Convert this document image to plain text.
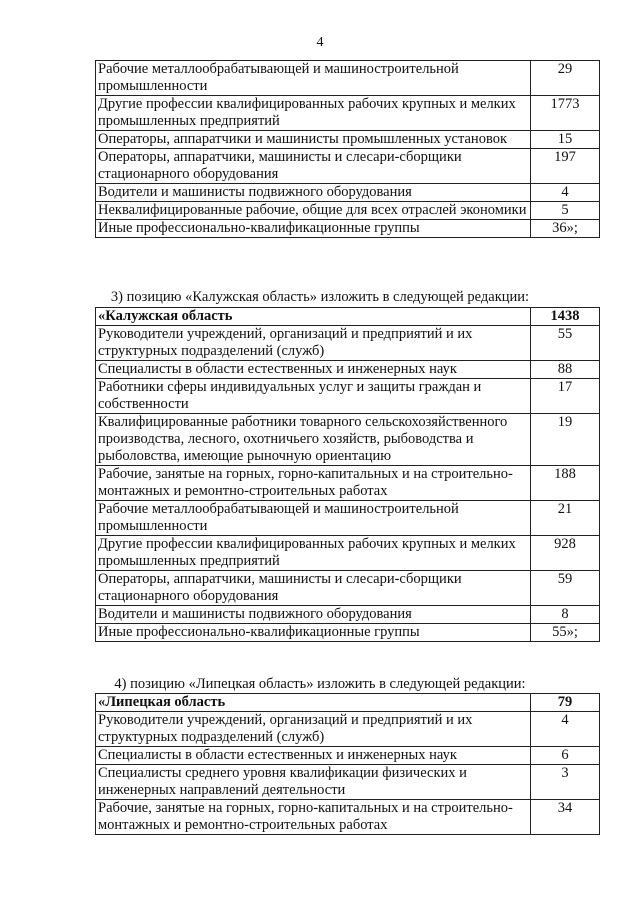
4
Рабочие металлообрабатывающей и машиностроительной промышленности	29
Другие профессии квалифицированных рабочих крупных и мелких промышленных предприятий	1773
Операторы, аппаратчики и машинисты промышленных установок	15
Операторы, аппаратчики, машинисты и слесари-сборщики стационарного оборудования	197
Водители и машинисты подвижного оборудования	4
Неквалифицированные рабочие, общие для всех отраслей экономики	5
Иные профессионально-квалификационные группы	36»;
3) позицию «Калужская область» изложить в следующей редакции:
«Калужская область	1438
Руководители учреждений, организаций и предприятий и их структурных подразделений (служб)	55
Специалисты в области естественных и инженерных наук	88
Работники сферы индивидуальных услуг и защиты граждан и собственности	17
Квалифицированные работники товарного сельскохозяйственного производства, лесного, охотничьего хозяйств, рыбоводства и рыболовства, имеющие рыночную ориентацию	19
Рабочие, занятые на горных, горно-капитальных и на строительно-монтажных и ремонтно-строительных работах	188
Рабочие металлообрабатывающей и машиностроительной промышленности	21
Другие профессии квалифицированных рабочих крупных и мелких промышленных предприятий	928
Операторы, аппаратчики, машинисты и слесари-сборщики стационарного оборудования	59
Водители и машинисты подвижного оборудования	8
Иные профессионально-квалификационные группы	55»;
4) позицию «Липецкая область» изложить в следующей редакции:
«Липецкая область	79
Руководители учреждений, организаций и предприятий и их структурных подразделений (служб)	4
Специалисты в области естественных и инженерных наук	6
Специалисты среднего уровня квалификации физических и инженерных направлений деятельности	3
Рабочие, занятые на горных, горно-капитальных и на строительно-монтажных и ремонтно-строительных работах	34
